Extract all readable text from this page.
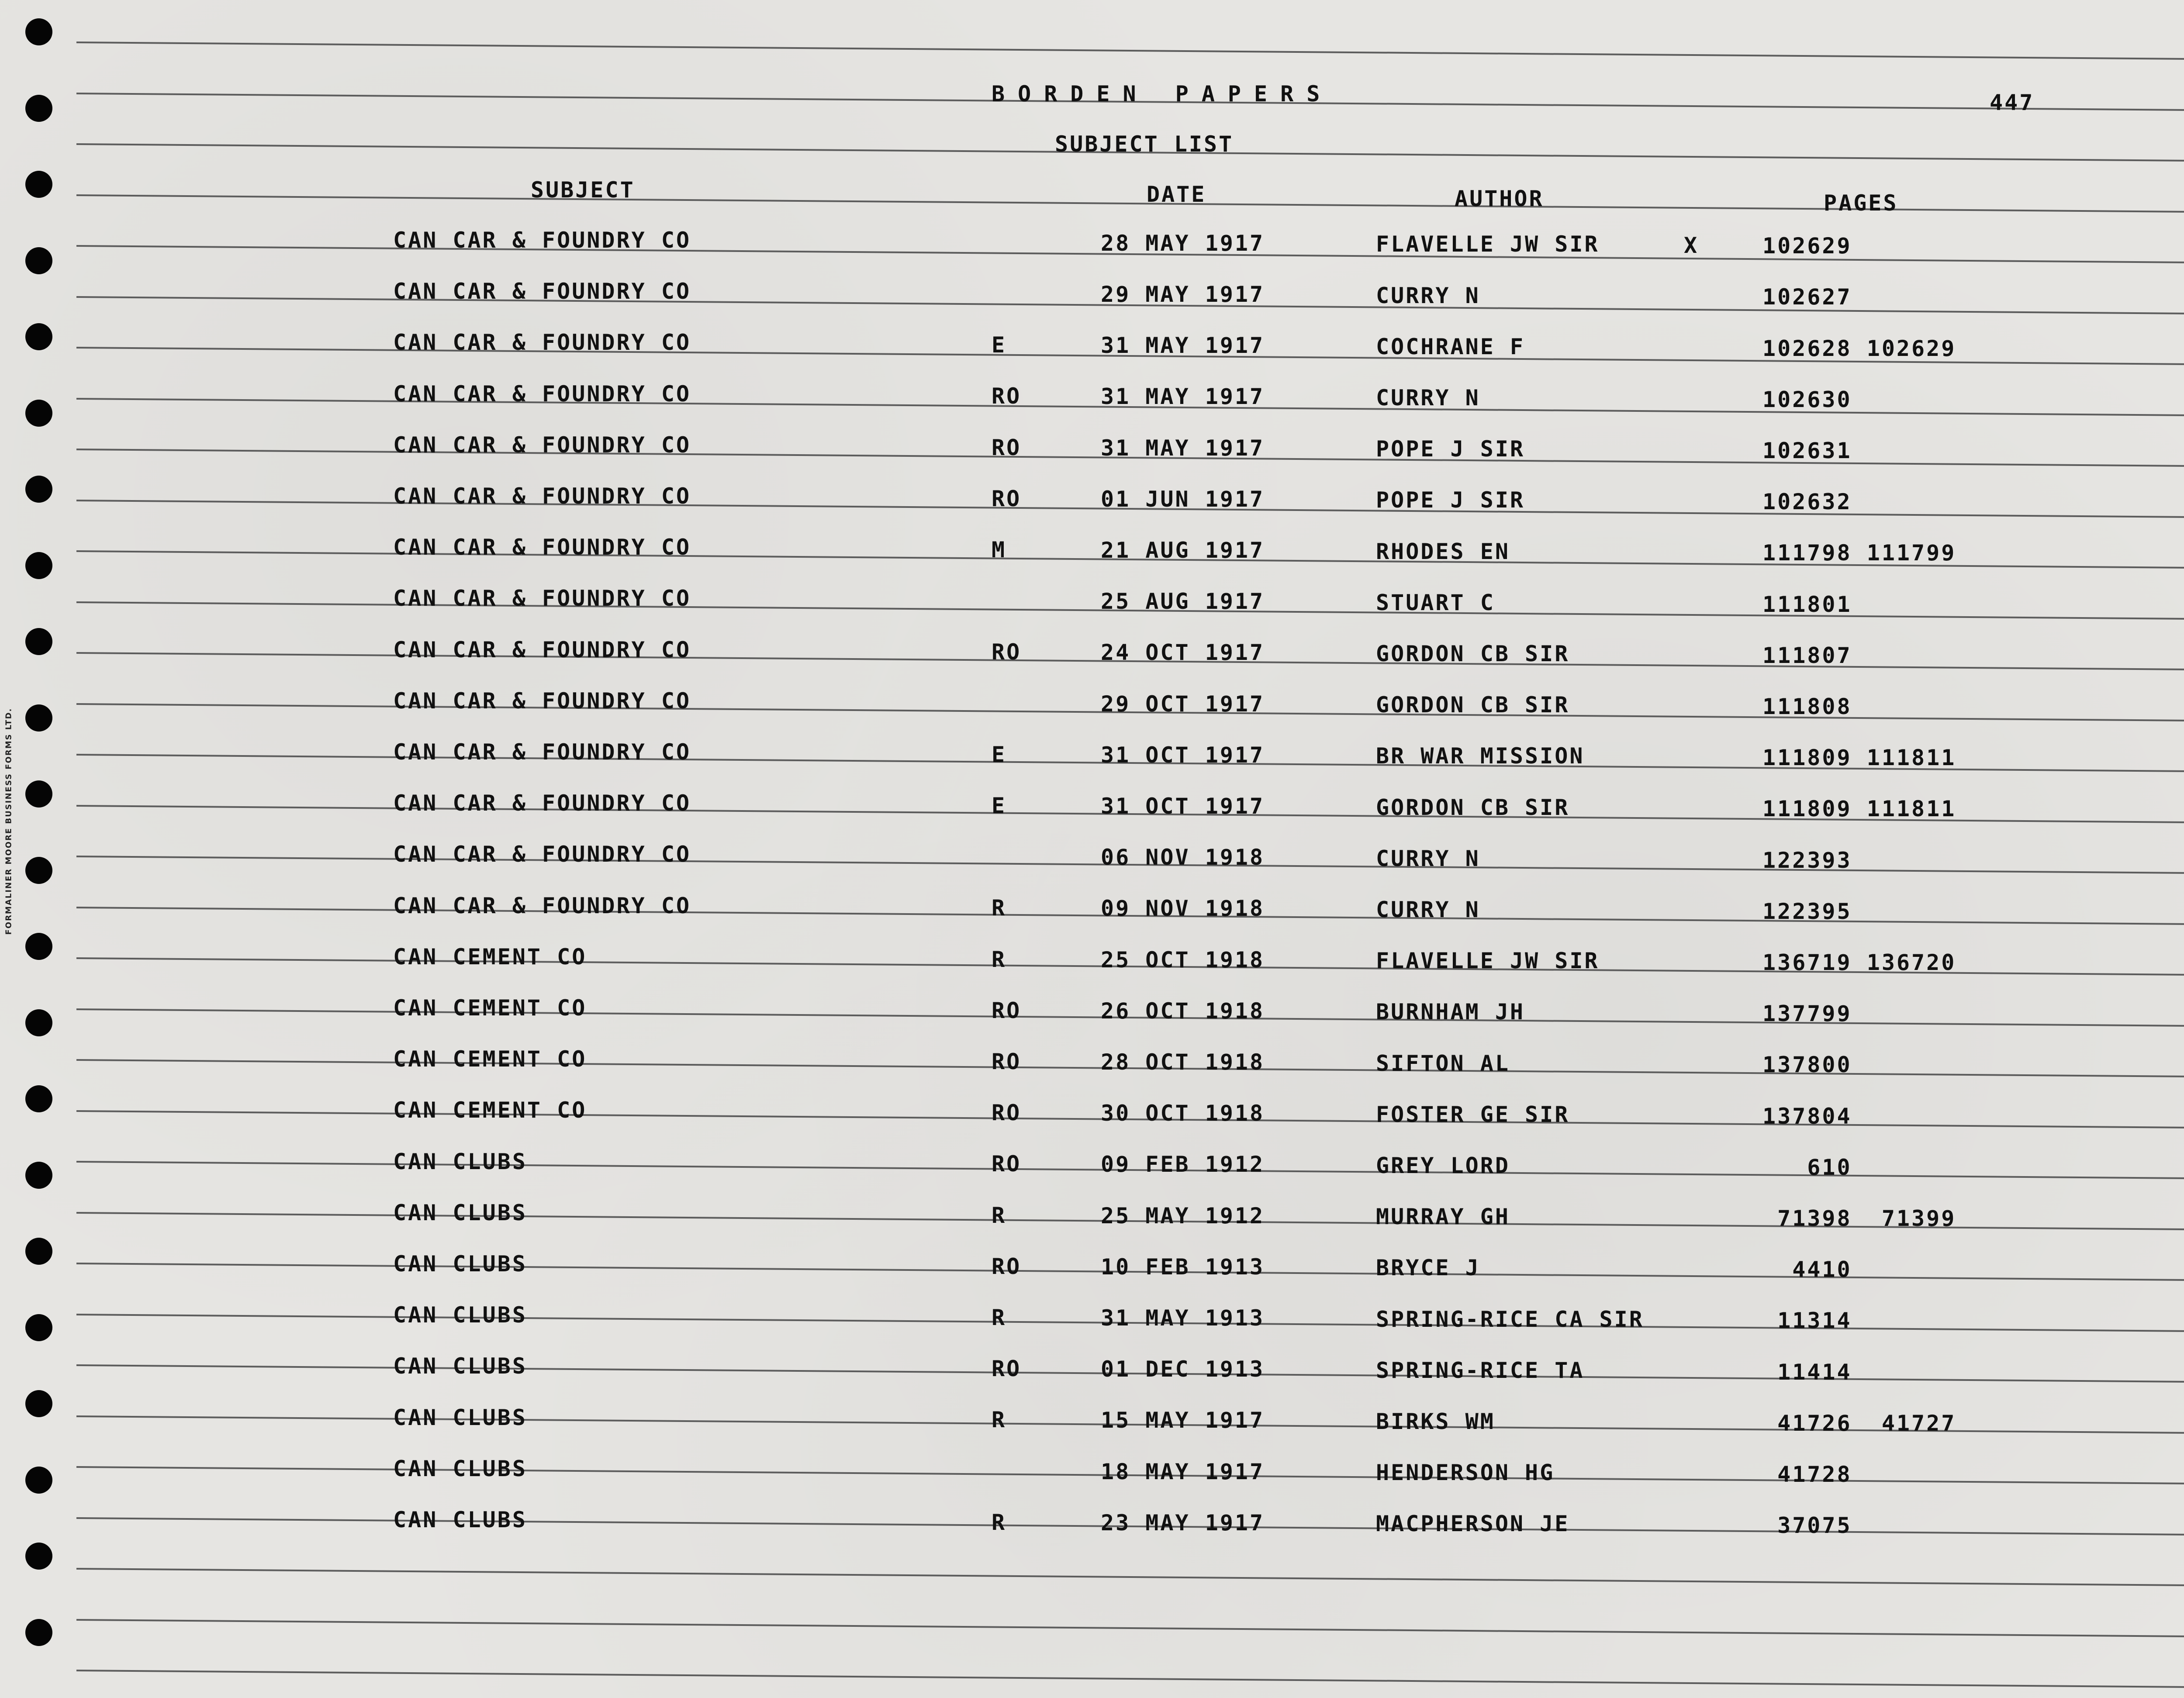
FORMALINER MOORE BUSINESS FORMS LTD.
BORDEN PAPERS	447
SUBJECT LIST
SUBJECT	DATE	AUTHOR	PAGES
CAN CAR & FOUNDRY CO	28 MAY 1917	FLAVELLE JW SIR	X	102629
CAN CAR & FOUNDRY CO	29 MAY 1917	CURRY N	102627
CAN CAR & FOUNDRY CO	E	31 MAY 1917	COCHRANE F	102628 102629
CAN CAR & FOUNDRY CO	RO	31 MAY 1917	CURRY N	102630
CAN CAR & FOUNDRY CO	RO	31 MAY 1917	POPE J SIR	102631
CAN CAR & FOUNDRY CO	RO	01 JUN 1917	POPE J SIR	102632
CAN CAR & FOUNDRY CO	M	21 AUG 1917	RHODES EN	111798 111799
CAN CAR & FOUNDRY CO	25 AUG 1917	STUART C	111801
CAN CAR & FOUNDRY CO	RO	24 OCT 1917	GORDON CB SIR	111807
CAN CAR & FOUNDRY CO	29 OCT 1917	GORDON CB SIR	111808
CAN CAR & FOUNDRY CO	E	31 OCT 1917	BR WAR MISSION	111809 111811
CAN CAR & FOUNDRY CO	E	31 OCT 1917	GORDON CB SIR	111809 111811
CAN CAR & FOUNDRY CO	06 NOV 1918	CURRY N	122393
CAN CAR & FOUNDRY CO	R	09 NOV 1918	CURRY N	122395
CAN CEMENT CO	R	25 OCT 1918	FLAVELLE JW SIR	136719 136720
CAN CEMENT CO	RO	26 OCT 1918	BURNHAM JH	137799
CAN CEMENT CO	RO	28 OCT 1918	SIFTON AL	137800
CAN CEMENT CO	RO	30 OCT 1918	FOSTER GE SIR	137804
CAN CLUBS	RO	09 FEB 1912	GREY LORD	610
CAN CLUBS	R	25 MAY 1912	MURRAY GH	71398  71399
CAN CLUBS	RO	10 FEB 1913	BRYCE J	4410
CAN CLUBS	R	31 MAY 1913	SPRING-RICE CA SIR	11314
CAN CLUBS	RO	01 DEC 1913	SPRING-RICE TA	11414
CAN CLUBS	R	15 MAY 1917	BIRKS WM	41726  41727
CAN CLUBS	18 MAY 1917	HENDERSON HG	41728
CAN CLUBS	R	23 MAY 1917	MACPHERSON JE	37075
